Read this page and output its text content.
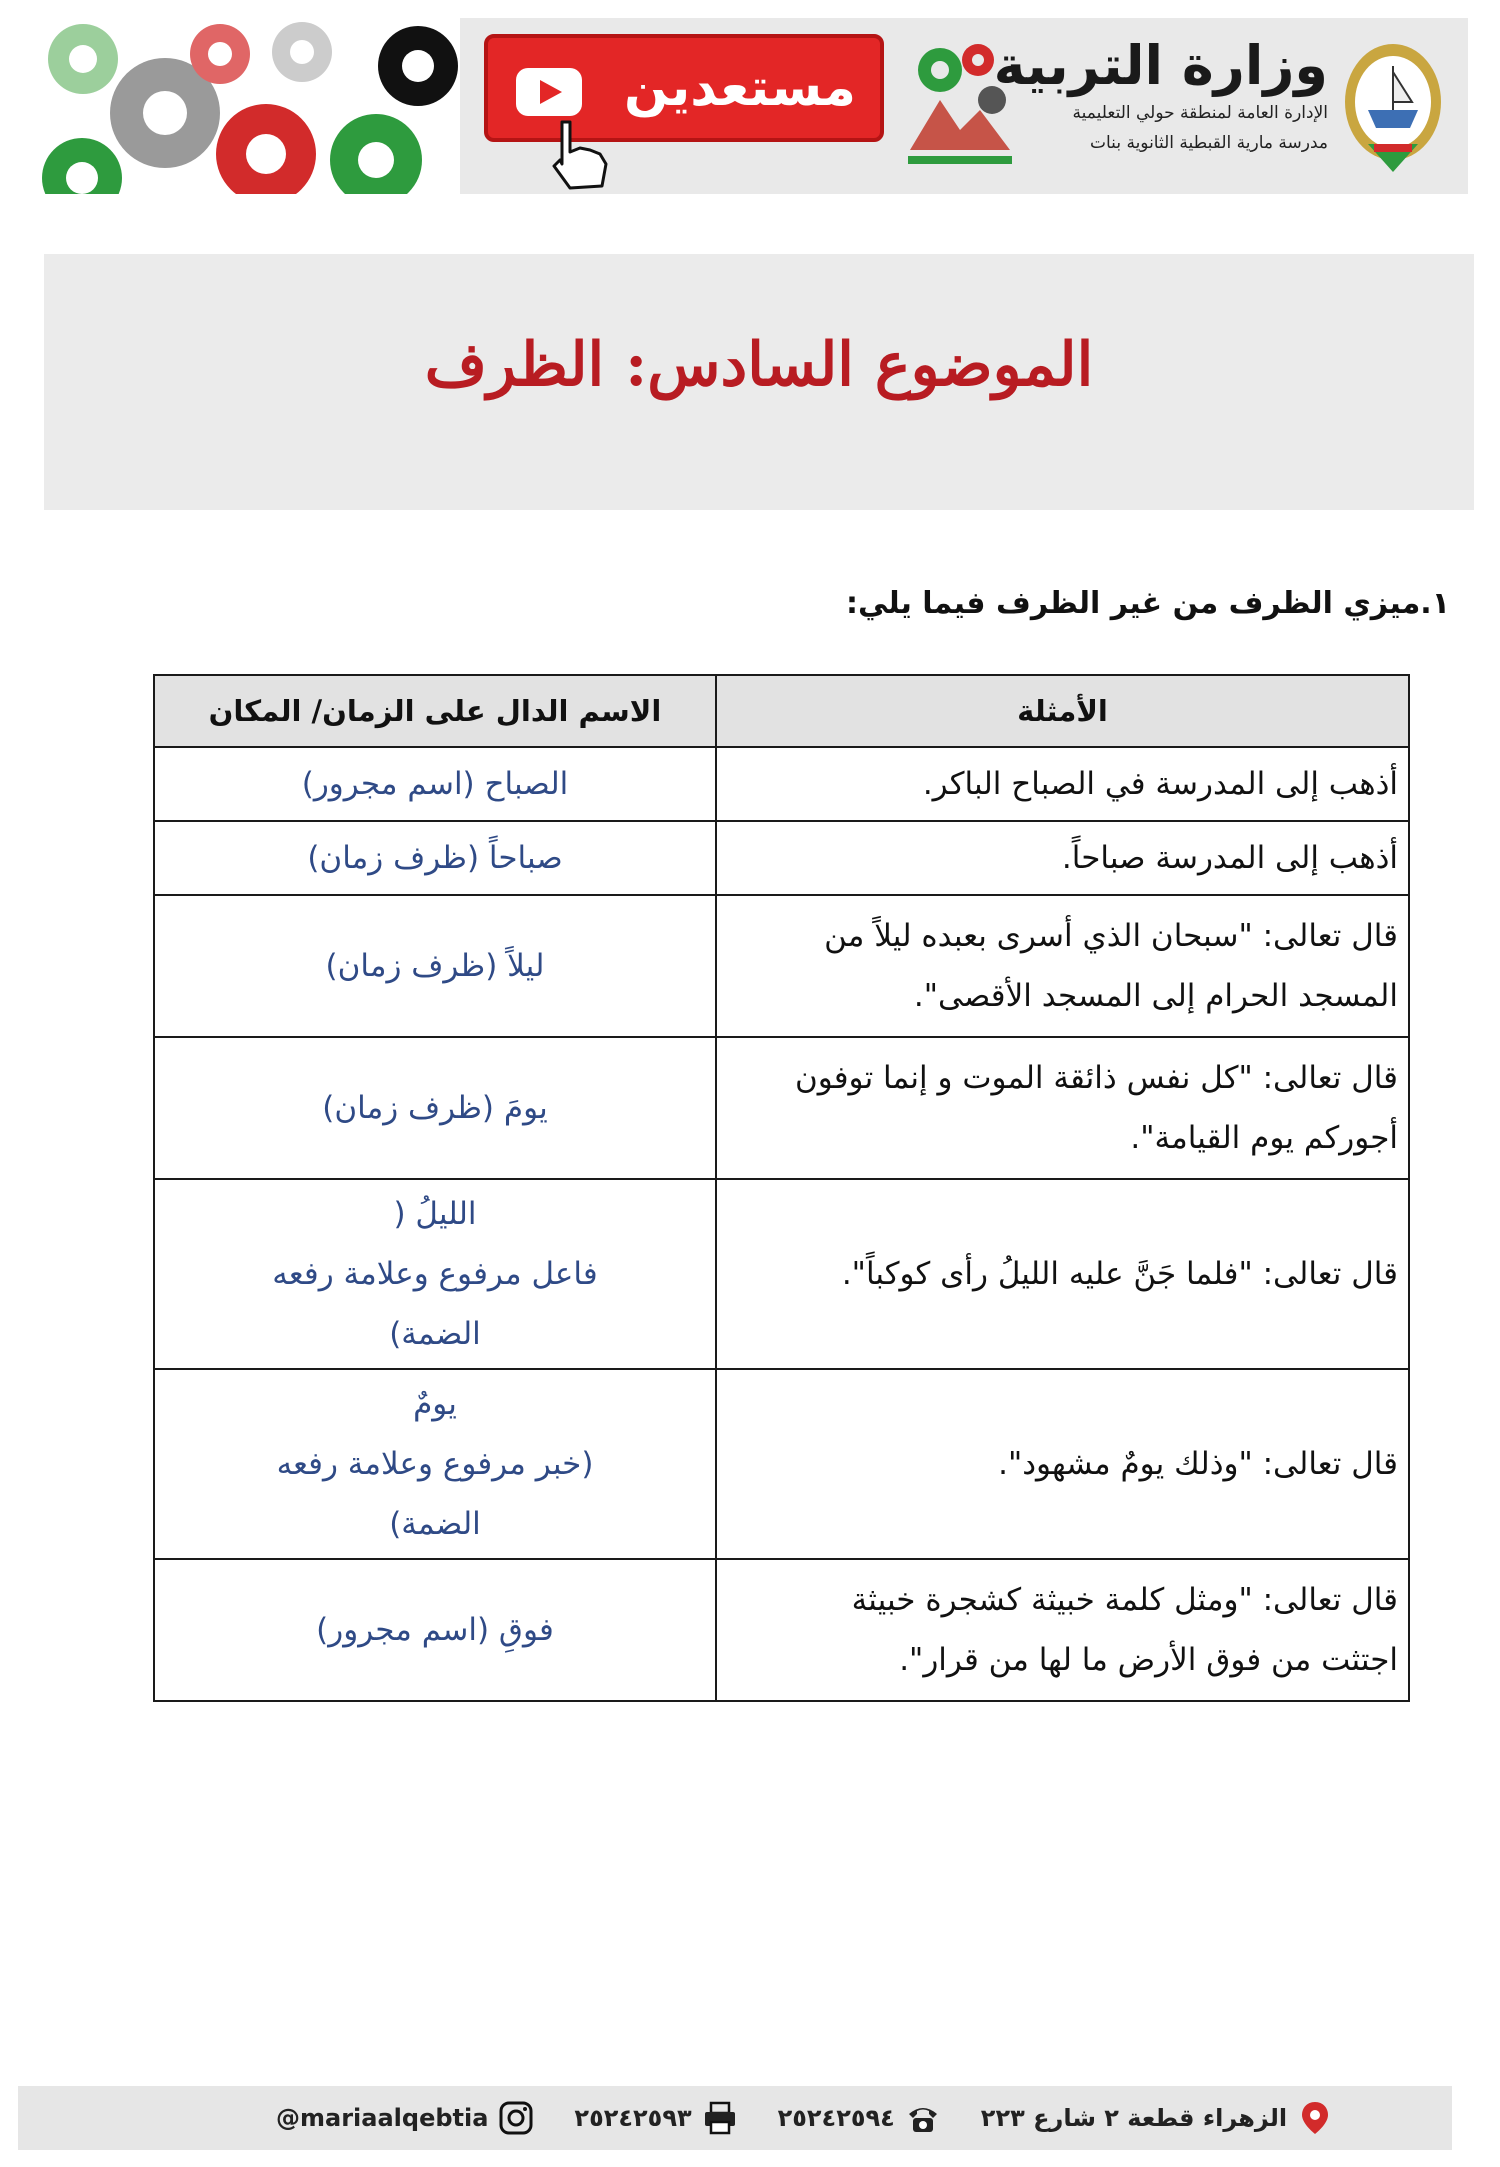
مستعدين	وزارة التربية
الإدارة العامة لمنطقة حولي التعليمية
مدرسة مارية القبطية الثانوية بنات
الموضوع السادس: الظرف
١.ميزي الظرف من غير الظرف فيما يلي:
الأمثلة	الاسم الدال على الزمان/ المكان

أذهب إلى المدرسة في الصباح الباكر.	الصباح (اسم مجرور)

أذهب إلى المدرسة صباحاً.	صباحاً (ظرف زمان)

قال تعالى: "سبحان الذي أسرى بعبده ليلاً من
المسجد الحرام إلى المسجد الأقصى".	ليلاً (ظرف زمان)

قال تعالى: "كل نفس ذائقة الموت و إنما توفون
أجوركم يوم القيامة".	يومَ (ظرف زمان)

قال تعالى: "فلما جَنَّ عليه الليلُ رأى كوكباً".	الليلُ (
فاعل مرفوع وعلامة رفعه
الضمة)

قال تعالى: "وذلك يومٌ مشهود".	يومٌ
(خبر مرفوع وعلامة رفعه
الضمة)

قال تعالى: "ومثل كلمة خبيثة كشجرة خبيثة
اجتثت من فوق الأرض ما لها من قرار".	فوقِ (اسم مجرور)
@mariaalqebtia	٢٥٢٤٢٥٩٣	٢٥٢٤٢٥٩٤	الزهراء قطعة ٢ شارع ٢٢٣
